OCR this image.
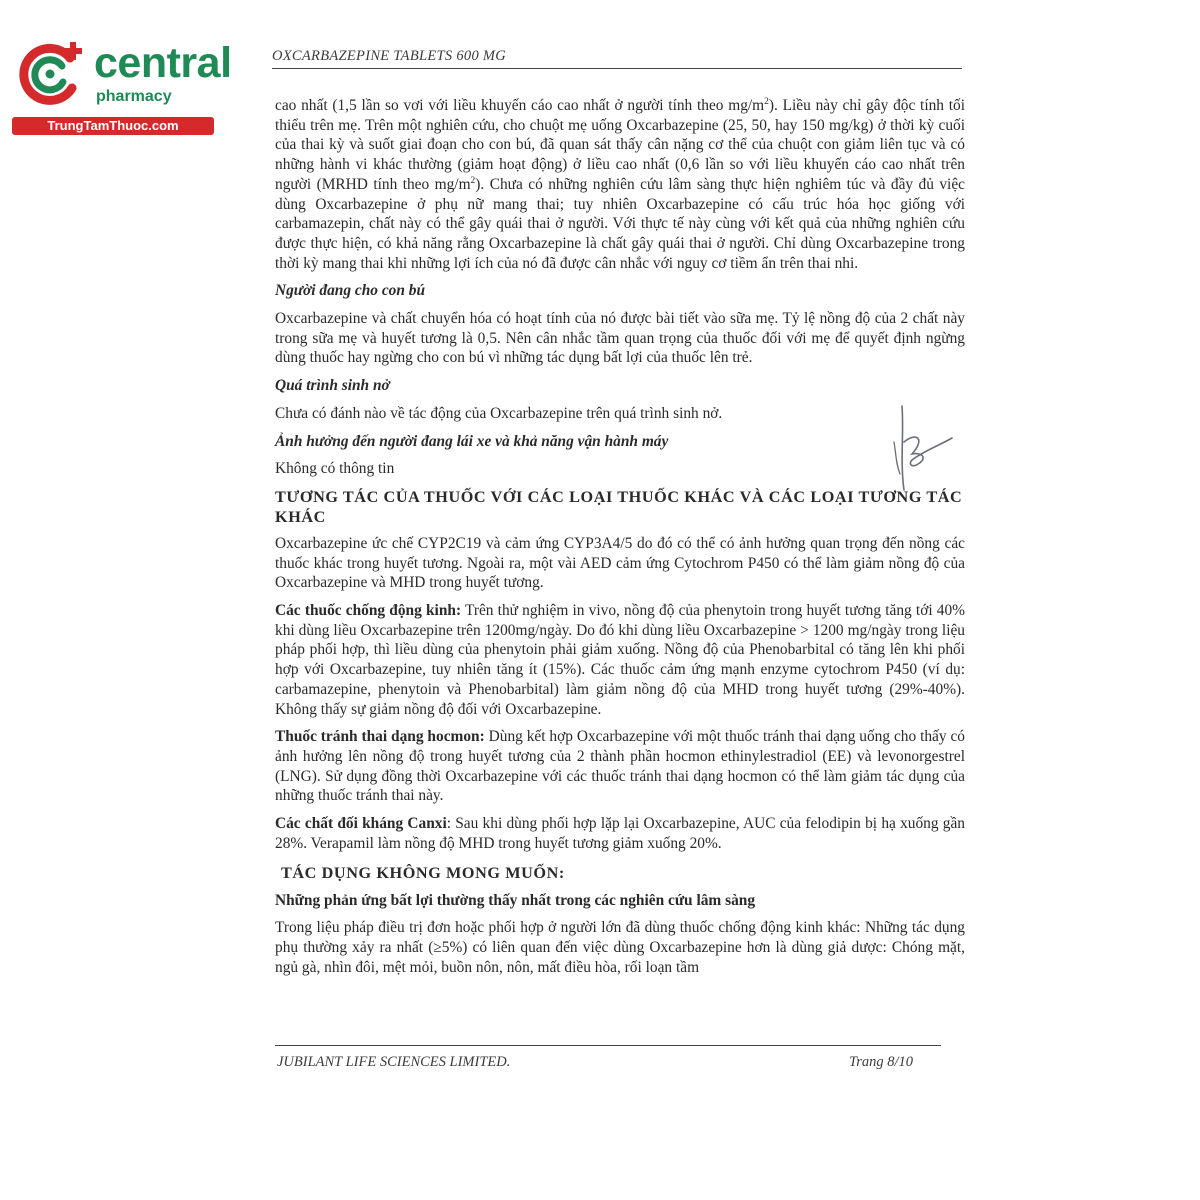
central
pharmacy
TrungTamThuoc.com
OXCARBAZEPINE TABLETS 600 MG

cao nhất (1,5 lần so vơi với liều khuyến cáo cao nhất ở người tính theo $mg/m^2$). Liều này chỉ gây độc tính tối thiểu trên mẹ. Trên một nghiên cứu, cho chuột mẹ uống Oxcarbazepine (25, 50, hay 150 mg/kg) ở thời kỳ cuối của thai kỳ và suốt giai đoạn cho con bú, đã quan sát thấy cân nặng cơ thể của chuột con giảm liên tục và có những hành vi khác thường (giảm hoạt động) ở liều cao nhất (0,6 lần so với liều khuyến cáo cao nhất trên người (MRHD tính theo $mg/m^2$). Chưa có những nghiên cứu lâm sàng thực hiện nghiêm túc và đầy đủ việc dùng Oxcarbazepine ở phụ nữ mang thai; tuy nhiên Oxcarbazepine có cấu trúc hóa học giống với carbamazepin, chất này có thể gây quái thai ở người. Với thực tế này cùng với kết quả của những nghiên cứu được thực hiện, có khả năng rằng Oxcarbazepine là chất gây quái thai ở người. Chỉ dùng Oxcarbazepine trong thời kỳ mang thai khi những lợi ích của nó đã được cân nhắc với nguy cơ tiềm ẩn trên thai nhi.

Người đang cho con bú

Oxcarbazepine và chất chuyển hóa có hoạt tính của nó được bài tiết vào sữa mẹ. Tỷ lệ nồng độ của 2 chất này trong sữa mẹ và huyết tương là 0,5. Nên cân nhắc tầm quan trọng của thuốc đối với mẹ để quyết định ngừng dùng thuốc hay ngừng cho con bú vì những tác dụng bất lợi của thuốc lên trẻ.

Quá trình sinh nở

Chưa có đánh nào về tác động của Oxcarbazepine trên quá trình sinh nở.

Ảnh hưởng đến người đang lái xe và khả năng vận hành máy

Không có thông tin

TƯƠNG TÁC CỦA THUỐC VỚI CÁC LOẠI THUỐC KHÁC VÀ CÁC LOẠI TƯƠNG TÁC KHÁC

Oxcarbazepine ức chế CYP2C19 và cảm ứng CYP3A4/5 do đó có thể có ảnh hưởng quan trọng đến nồng các thuốc khác trong huyết tương. Ngoài ra, một vài AED cảm ứng Cytochrom P450 có thể làm giảm nồng độ của Oxcarbazepine và MHD trong huyết tương.

Các thuốc chống động kinh: Trên thử nghiệm in vivo, nồng độ của phenytoin trong huyết tương tăng tới 40% khi dùng liều Oxcarbazepine trên 1200mg/ngày. Do đó khi dùng liều Oxcarbazepine > 1200 mg/ngày trong liệu pháp phối hợp, thì liều dùng của phenytoin phải giảm xuống. Nồng độ của Phenobarbital có tăng lên khi phối hợp với Oxcarbazepine, tuy nhiên tăng ít (15%). Các thuốc cảm ứng mạnh enzyme cytochrom P450 (ví dụ: carbamazepine, phenytoin và Phenobarbital) làm giảm nồng độ của MHD trong huyết tương (29%-40%). Không thấy sự giảm nồng độ đối với Oxcarbazepine.

Thuốc tránh thai dạng hocmon: Dùng kết hợp Oxcarbazepine với một thuốc tránh thai dạng uống cho thấy có ảnh hưởng lên nồng độ trong huyết tương của 2 thành phần hocmon ethinylestradiol (EE) và levonorgestrel (LNG). Sử dụng đồng thời Oxcarbazepine với các thuốc tránh thai dạng hocmon có thể làm giảm tác dụng của những thuốc tránh thai này.

Các chất đối kháng Canxi: Sau khi dùng phối hợp lặp lại Oxcarbazepine, AUC của felodipin bị hạ xuống gần 28%. Verapamil làm nồng độ MHD trong huyết tương giảm xuống 20%.

TÁC DỤNG KHÔNG MONG MUỐN:

Những phản ứng bất lợi thường thấy nhất trong các nghiên cứu lâm sàng

Trong liệu pháp điều trị đơn hoặc phối hợp ở người lớn đã dùng thuốc chống động kinh khác: Những tác dụng phụ thường xảy ra nhất (≥5%) có liên quan đến việc dùng Oxcarbazepine hơn là dùng giả dược: Chóng mặt, ngủ gà, nhìn đôi, mệt mỏi, buồn nôn, nôn, mất điều hòa, rối loạn tầm

JUBILANT LIFE SCIENCES LIMITED.	Trang 8/10
